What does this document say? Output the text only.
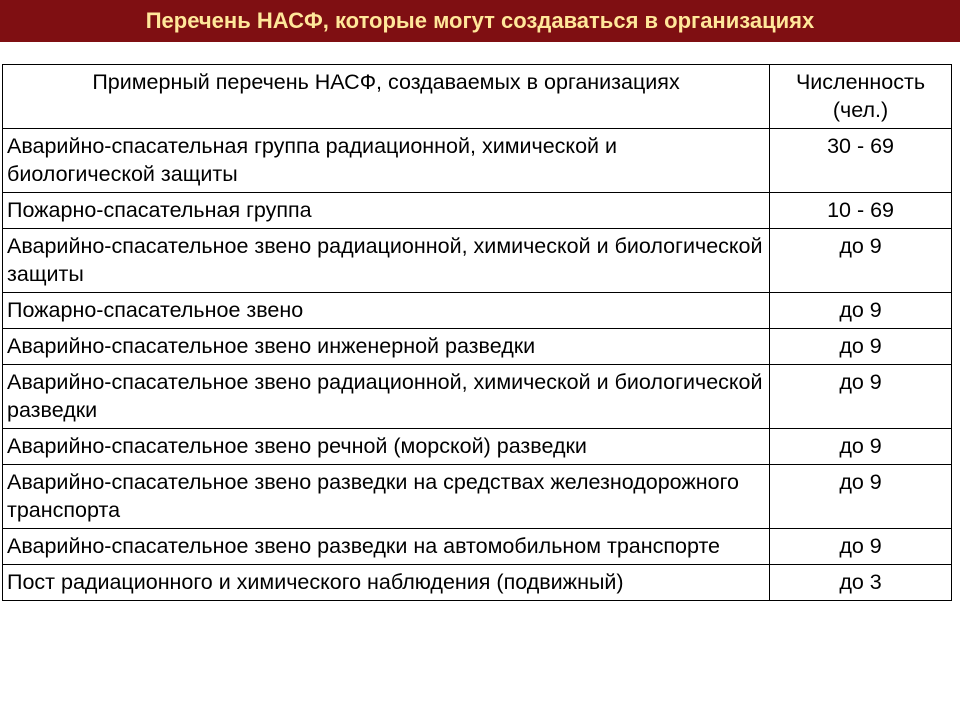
Перечень НАСФ, которые могут создаваться в организациях
Примерный перечень НАСФ, создаваемых в организациях	Численность (чел.)
Аварийно-спасательная группа радиационной, химической и биологической защиты	30 - 69
Пожарно-спасательная группа	10 - 69
Аварийно-спасательное звено радиационной, химической и биологической защиты	до 9
Пожарно-спасательное звено	до 9
Аварийно-спасательное звено инженерной разведки	до 9
Аварийно-спасательное звено радиационной, химической и биологической разведки	до 9
Аварийно-спасательное звено речной (морской) разведки	до 9
Аварийно-спасательное звено разведки на средствах железнодорожного транспорта	до 9
Аварийно-спасательное звено разведки на автомобильном транспорте	до 9
Пост радиационного и химического наблюдения (подвижный)	до 3
